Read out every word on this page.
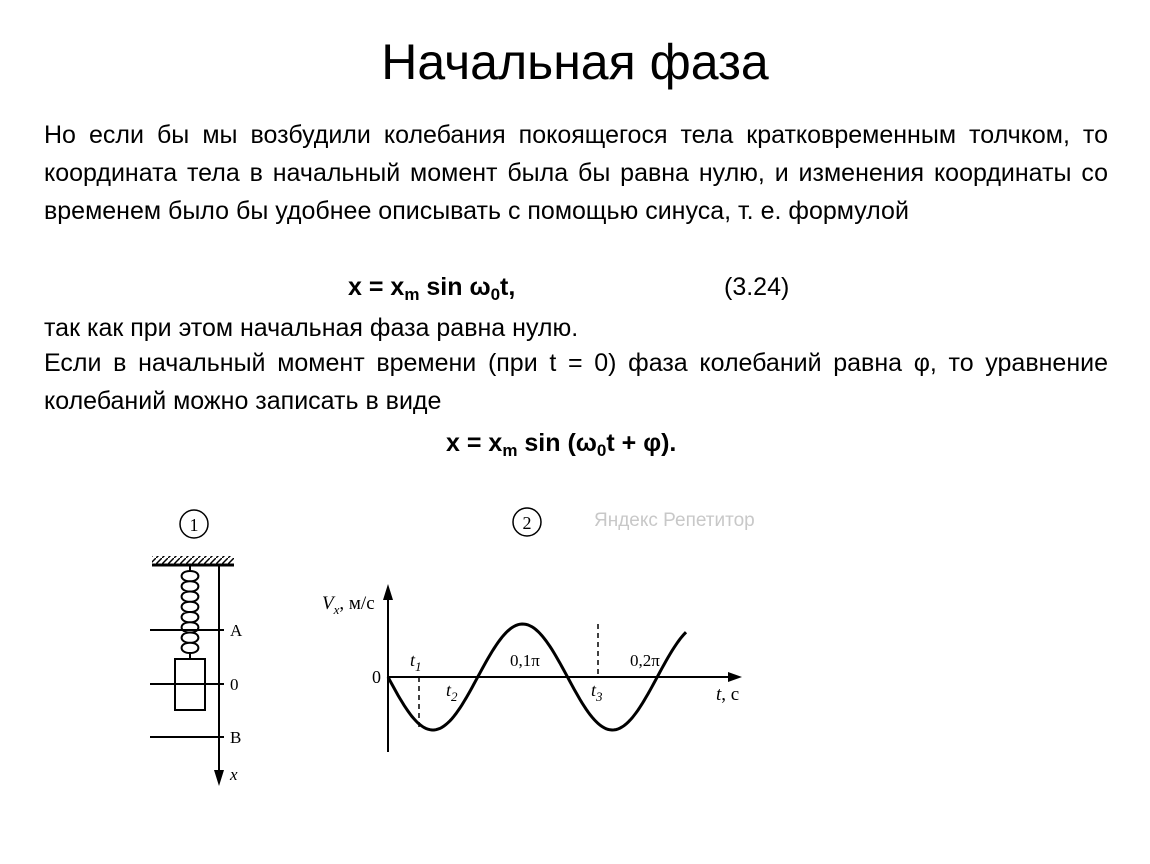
Начальная фаза
Но если бы мы возбудили колебания покоящегося тела кратковременным толчком, то координата тела в начальный момент была бы равна нулю, и изменения координаты со временем было бы удобнее описывать с помощью синуса, т. е. формулой
$x = x_m$ $\sin \omega_0t$,	(3.24)
так как при этом начальная фаза равна нулю.
Если в начальный момент времени (при t = 0) фаза колебаний равна φ, то уравнение колебаний можно записать в виде
$x = x_m$ $\sin (\omega_0t + \varphi)$.
1
A
0
B
x
2	Яндекс Репетитор
$V_x$, м/с
0
t, с
$t_1$
$t_2$	$t_3$
0,1π	0,2π
